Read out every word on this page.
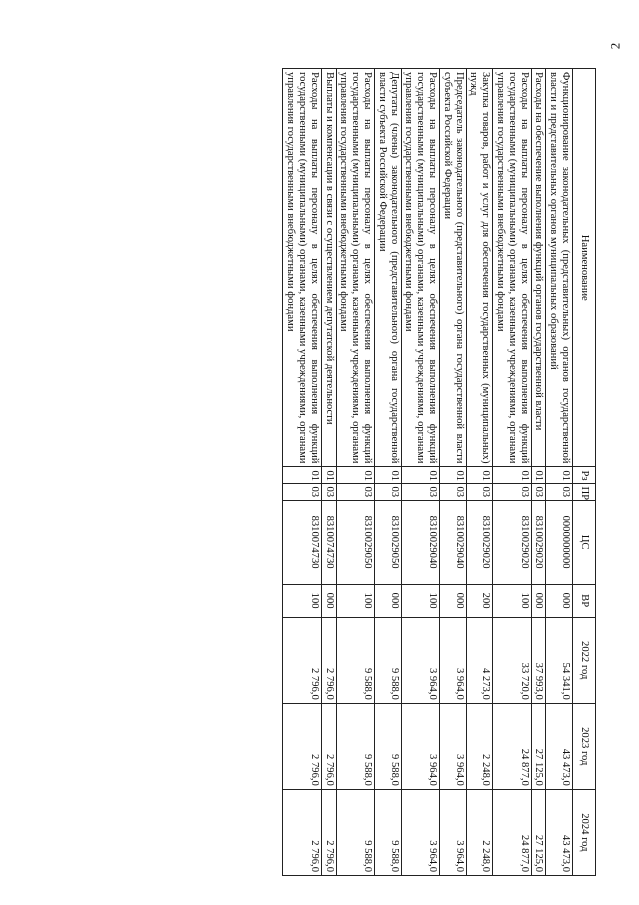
2
Наименование	Рз	ПР	ЦС	ВР	2022 год	2023 год	2024 год
Функционирование законодательных (представительных) органов государственной власти и представительных органов муниципальных образований	01	03	0000000000	000	54 341,0	43 473,0	43 473,0
Расходы на обеспечение выполнения функций органов государственной власти	01	03	8310029020	000	37 993,0	27 125,0	27 125,0
Расходы на выплаты персоналу в целях обеспечения выполнения функций государственными (муниципальными) органами, казенными учреждениями, органами управления государственными внебюджетными фондами	01	03	8310029020	100	33 720,0	24 877,0	24 877,0
Закупка товаров, работ и услуг для обеспечения государственных (муниципальных) нужд	01	03	8310029020	200	4 273,0	2 248,0	2 248,0
Председатель законодательного (представительного) органа государственной власти субъекта Российской Федерации	01	03	8310029040	000	3 964,0	3 964,0	3 964,0
Расходы на выплаты персоналу в целях обеспечения выполнения функций государственными (муниципальными) органами, казенными учреждениями, органами управления государственными внебюджетными фондами	01	03	8310029040	100	3 964,0	3 964,0	3 964,0
Депутаты (члены) законодательного (представительного) органа государственной власти субъекта Российской Федерации	01	03	8310029050	000	9 588,0	9 588,0	9 588,0
Расходы на выплаты персоналу в целях обеспечения выполнения функций государственными (муниципальными) органами, казенными учреждениями, органами управления государственными внебюджетными фондами	01	03	8310029050	100	9 588,0	9 588,0	9 588,0
Выплаты и компенсации в связи с осуществлением депутатской деятельности	01	03	8310074730	000	2 796,0	2 796,0	2 796,0
Расходы на выплаты персоналу в целях обеспечения выполнения функций государственными (муниципальными) органами, казенными учреждениями, органами управления государственными внебюджетными фондами	01	03	8310074730	100	2 796,0	2 796,0	2 796,0
